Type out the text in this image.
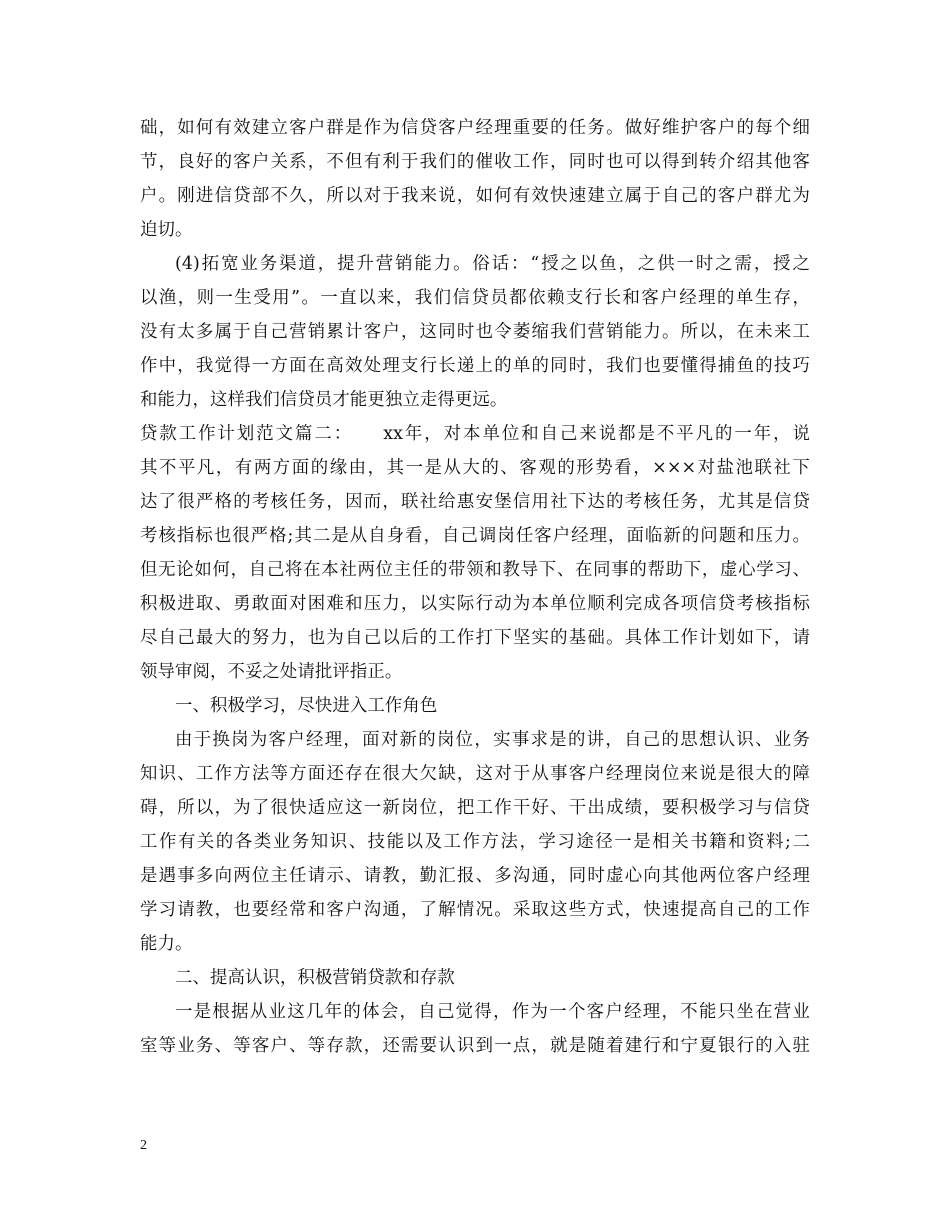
础，如何有效建立客户群是作为信贷客户经理重要的任务。做好维护客户的每个细
节，良好的客户关系，不但有利于我们的催收工作，同时也可以得到转介绍其他客
户。刚进信贷部不久，所以对于我来说，如何有效快速建立属于自己的客户群尤为
迫切。
(4)拓宽业务渠道，提升营销能力。俗话：“授之以鱼，之供一时之需，授之
以渔，则一生受用”。一直以来，我们信贷员都依赖支行长和客户经理的单生存，
没有太多属于自己营销累计客户，这同时也令萎缩我们营销能力。所以，在未来工
作中，我觉得一方面在高效处理支行长递上的单的同时，我们也要懂得捕鱼的技巧
和能力，这样我们信贷员才能更独立走得更远。
贷款工作计划范文篇二：　　xx年，对本单位和自己来说都是不平凡的一年，说
其不平凡，有两方面的缘由，其一是从大的、客观的形势看，×××对盐池联社下
达了很严格的考核任务，因而，联社给惠安堡信用社下达的考核任务，尤其是信贷
考核指标也很严格;其二是从自身看，自己调岗任客户经理，面临新的问题和压力。
但无论如何，自己将在本社两位主任的带领和教导下、在同事的帮助下，虚心学习、
积极进取、勇敢面对困难和压力，以实际行动为本单位顺利完成各项信贷考核指标
尽自己最大的努力，也为自己以后的工作打下坚实的基础。具体工作计划如下，请
领导审阅，不妥之处请批评指正。
一、积极学习，尽快进入工作角色
由于换岗为客户经理，面对新的岗位，实事求是的讲，自己的思想认识、业务
知识、工作方法等方面还存在很大欠缺，这对于从事客户经理岗位来说是很大的障
碍，所以，为了很快适应这一新岗位，把工作干好、干出成绩，要积极学习与信贷
工作有关的各类业务知识、技能以及工作方法，学习途径一是相关书籍和资料;二
是遇事多向两位主任请示、请教，勤汇报、多沟通，同时虚心向其他两位客户经理
学习请教，也要经常和客户沟通，了解情况。采取这些方式，快速提高自己的工作
能力。
二、提高认识，积极营销贷款和存款
一是根据从业这几年的体会，自己觉得，作为一个客户经理，不能只坐在营业
室等业务、等客户、等存款，还需要认识到一点，就是随着建行和宁夏银行的入驻
2
